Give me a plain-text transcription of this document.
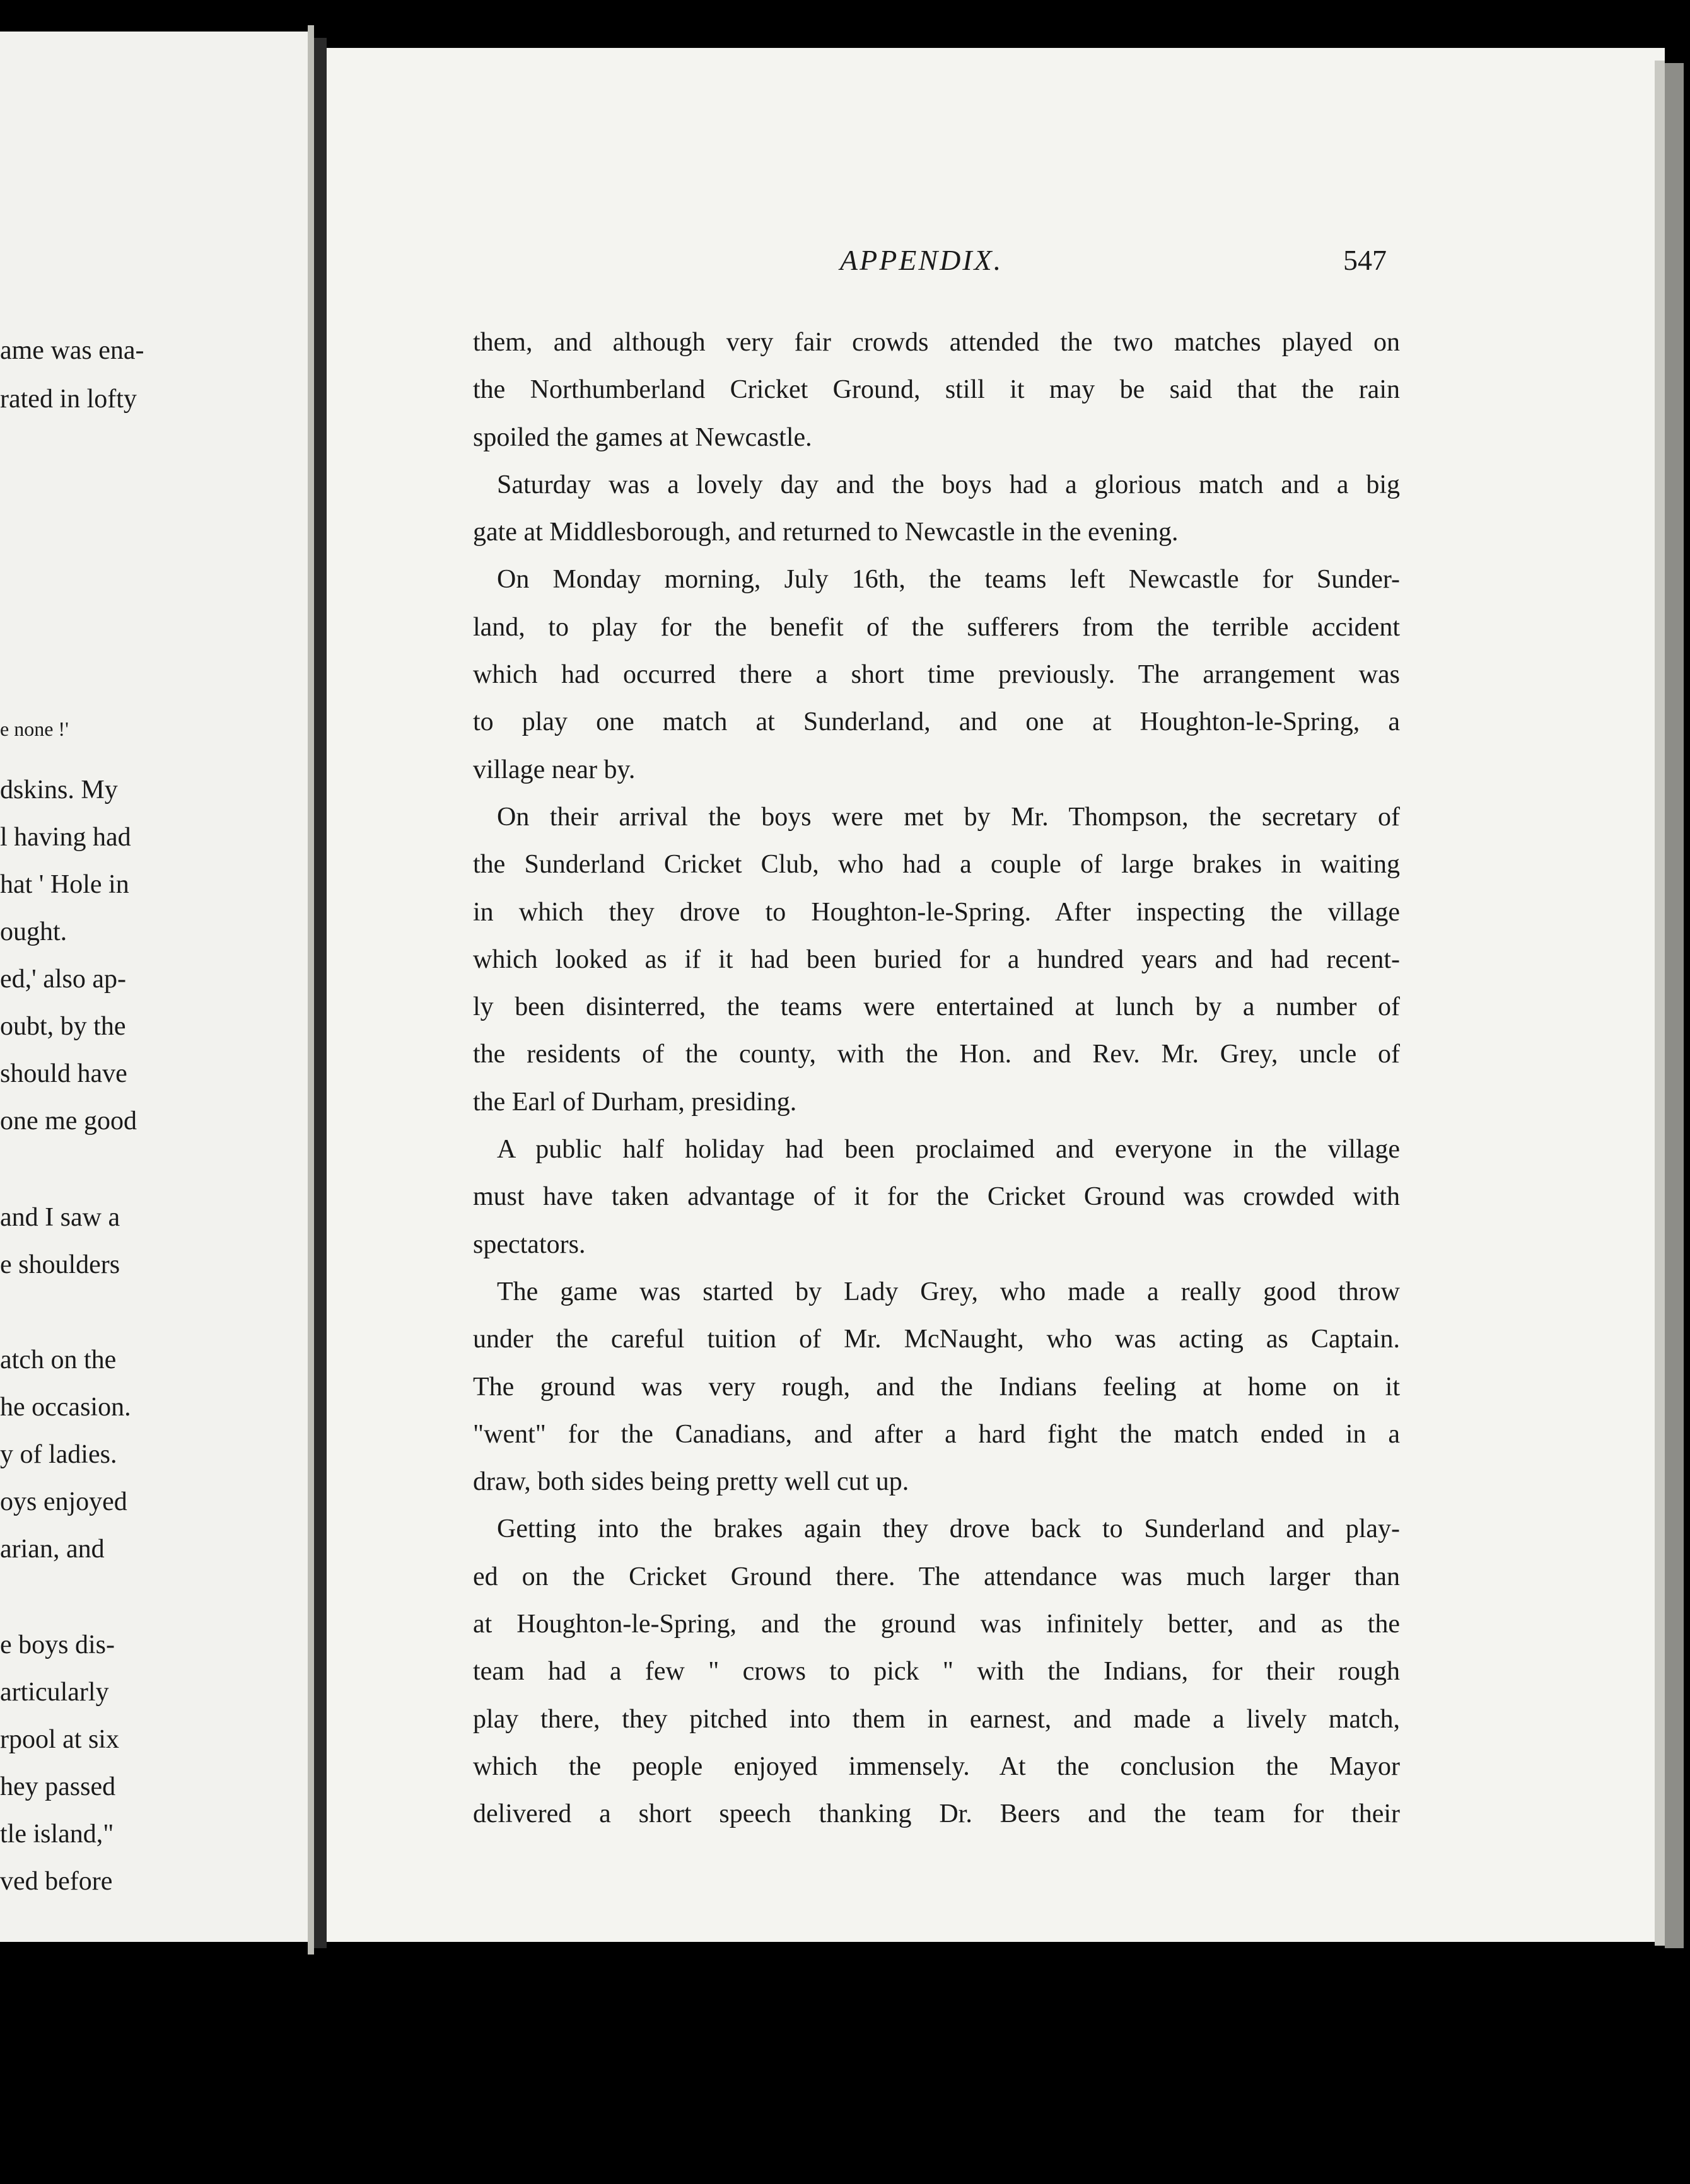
ame was ena-
rated in lofty
e none !'
dskins. My
l having had
hat ' Hole in
ought.
ed,' also ap-
oubt, by the
should have
one me good
and I saw a
e shoulders
atch on the
he occasion.
y of ladies.
oys enjoyed
arian, and
e boys dis-
articularly
rpool at six
hey passed
tle island,"
ved before
APPENDIX.	547
them, and although very fair crowds attended the two matches played on
the Northumberland Cricket Ground, still it may be said that the rain
spoiled the games at Newcastle.
Saturday was a lovely day and the boys had a glorious match and a big
gate at Middlesborough, and returned to Newcastle in the evening.
On Monday morning, July 16th, the teams left Newcastle for Sunder-
land, to play for the benefit of the sufferers from the terrible accident
which had occurred there a short time previously. The arrangement was
to play one match at Sunderland, and one at Houghton-le-Spring, a
village near by.
On their arrival the boys were met by Mr. Thompson, the secretary of
the Sunderland Cricket Club, who had a couple of large brakes in waiting
in which they drove to Houghton-le-Spring. After inspecting the village
which looked as if it had been buried for a hundred years and had recent-
ly been disinterred, the teams were entertained at lunch by a number of
the residents of the county, with the Hon. and Rev. Mr. Grey, uncle of
the Earl of Durham, presiding.
A public half holiday had been proclaimed and everyone in the village
must have taken advantage of it for the Cricket Ground was crowded with
spectators.
The game was started by Lady Grey, who made a really good throw
under the careful tuition of Mr. McNaught, who was acting as Captain.
The ground was very rough, and the Indians feeling at home on it
"went" for the Canadians, and after a hard fight the match ended in a
draw, both sides being pretty well cut up.
Getting into the brakes again they drove back to Sunderland and play-
ed on the Cricket Ground there. The attendance was much larger than
at Houghton-le-Spring, and the ground was infinitely better, and as the
team had a few " crows to pick " with the Indians, for their rough
play there, they pitched into them in earnest, and made a lively match,
which the people enjoyed immensely. At the conclusion the Mayor
delivered a short speech thanking Dr. Beers and the team for their
